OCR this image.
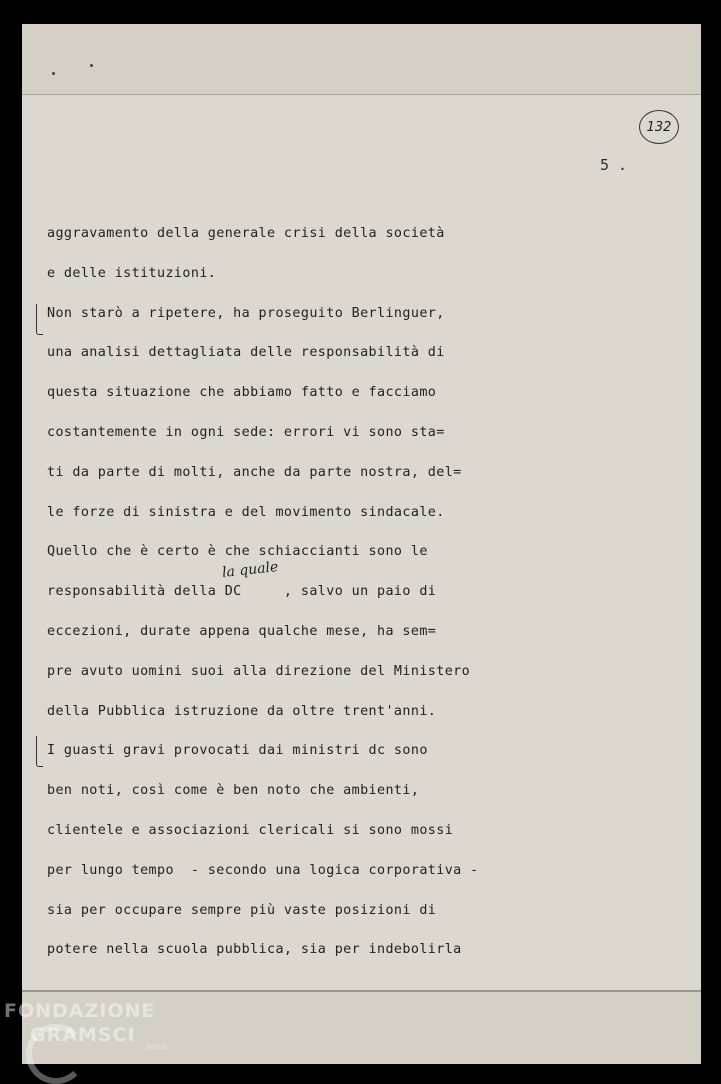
132
5 .
aggravamento della generale crisi della società
e delle istituzioni.
Non starò a ripetere, ha proseguito Berlinguer,
una analisi dettagliata delle responsabilità di
questa situazione che abbiamo fatto e facciamo
costantemente in ogni sede: errori vi sono sta=
ti da parte di molti, anche da parte nostra, del=
le forze di sinistra e del movimento sindacale.
Quello che è certo è che schiaccianti sono le
responsabilità della DC     , salvo un paio di
eccezioni, durate appena qualche mese, ha sem=
pre avuto uomini suoi alla direzione del Ministero
della Pubblica istruzione da oltre trent'anni.
I guasti gravi provocati dai ministri dc sono
ben noti, così come è ben noto che ambienti,
clientele e associazioni clericali si sono mossi
per lungo tempo  - secondo una logica corporativa -
sia per occupare sempre più vaste posizioni di
potere nella scuola pubblica, sia per indebolirla
la quale
FONDAZIONE
GRAMSCI
onlus
